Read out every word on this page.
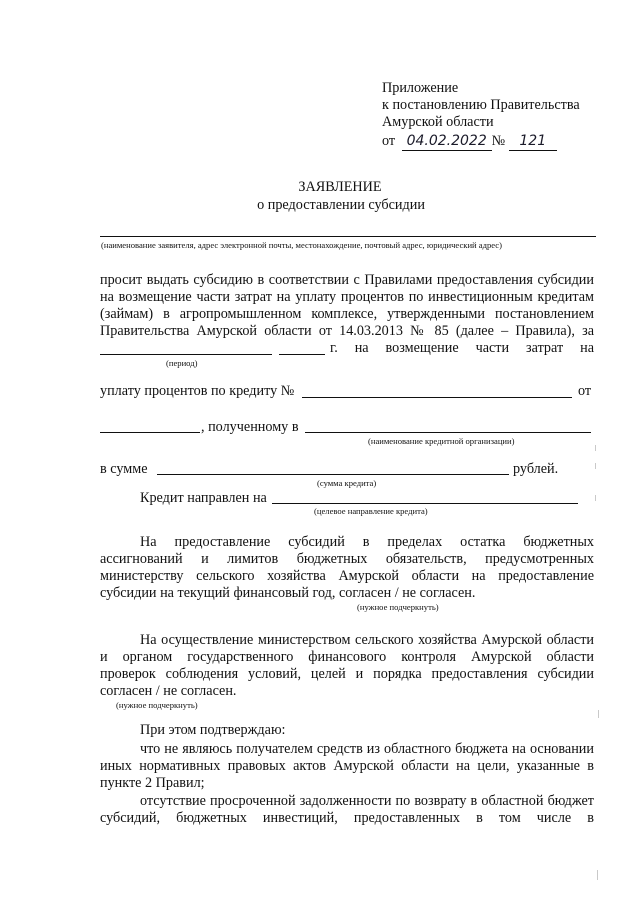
Приложение
к постановлению Правительства
Амурской области
от 04.02.2022 № 121
ЗАЯВЛЕНИЕ
о предоставлении субсидии
(наименование заявителя, адрес электронной почты, местонахождение, почтовый адрес, юридический адрес)
просит выдать субсидию в соответствии с Правилами предоставления субсидии
на возмещение части затрат на уплату процентов по инвестиционным кредитам
(займам) в агропромышленном комплексе, утвержденными постановлением
Правительства Амурской области от 14.03.2013 № 85 (далее – Правила), за
г. на возмещение части затрат на
(период)
уплату процентов по кредиту №	от
, полученному в
(наименование кредитной организации)
в сумме	рублей.
(сумма кредита)
Кредит направлен на
(целевое направление кредита)
На предоставление субсидий в пределах остатка бюджетных
ассигнований и лимитов бюджетных обязательств, предусмотренных
министерству сельского хозяйства Амурской области на предоставление
субсидии на текущий финансовый год, согласен / не согласен.
(нужное подчеркнуть)
На осуществление министерством сельского хозяйства Амурской области
и органом государственного финансового контроля Амурской области
проверок соблюдения условий, целей и порядка предоставления субсидии
согласен / не согласен.
(нужное подчеркнуть)
При этом подтверждаю:
что не являюсь получателем средств из областного бюджета на основании
иных нормативных правовых актов Амурской области на цели, указанные в
пункте 2 Правил;
отсутствие просроченной задолженности по возврату в областной бюджет
субсидий, бюджетных инвестиций, предоставленных в том числе в
